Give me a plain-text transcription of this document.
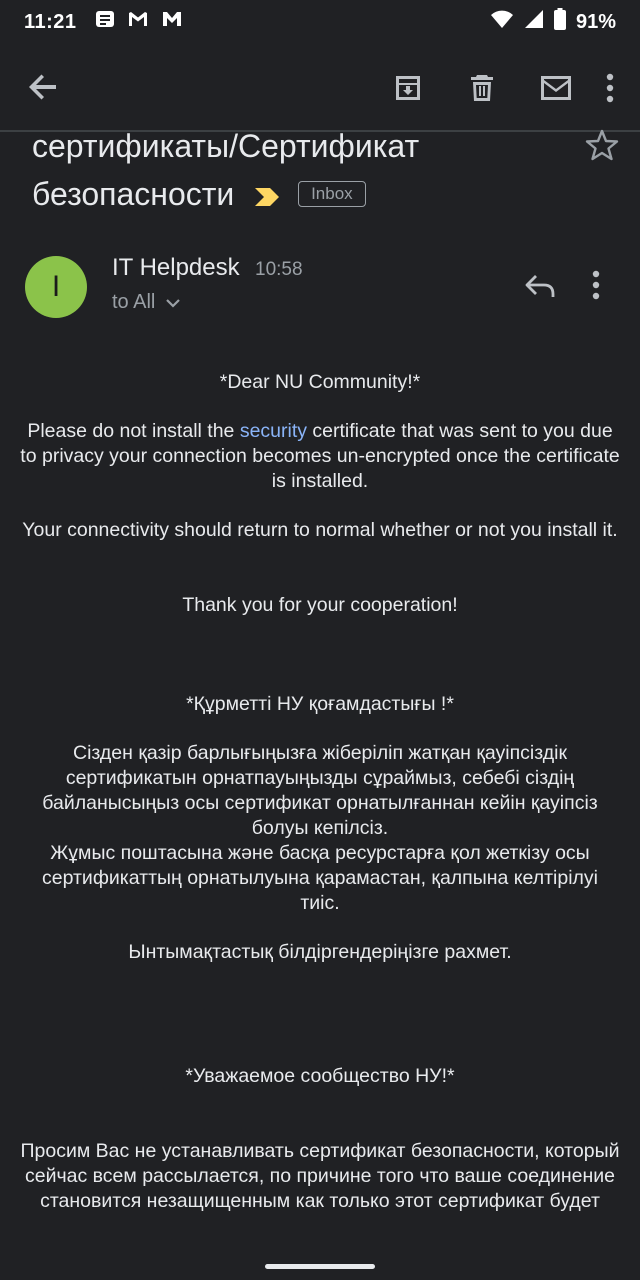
11:21	91%
сертификаты/Сертификат
безопасности	Inbox
I
IT Helpdesk 10:58
to All

*Dear NU Community!*

Please do not install the security certificate that was sent to you due to privacy your connection becomes un-encrypted once the certificate is installed.

Your connectivity should return to normal whether or not you install it.

Thank you for your cooperation!

*Құрметті НУ қоғамдастығы !*

Сізден қазір барлығыңызға жіберіліп жатқан қауіпсіздік сертификатын орнатпауыңызды сұраймыз, себебі сіздің байланысыңыз осы сертификат орнатылғаннан кейін қауіпсіз болуы кепілсіз.

Жұмыс поштасына және басқа ресурстарға қол жеткізу осы сертификаттың орнатылуына қарамастан, қалпына келтірілуі тиіс.

Ынтымақтастық білдіргендеріңізге рахмет.

*Уважаемое сообщество НУ!*

Просим Вас не устанавливать сертификат безопасности, который сейчас всем рассылается, по причине того что ваше соединение становится незащищенным как только этот сертификат будет
